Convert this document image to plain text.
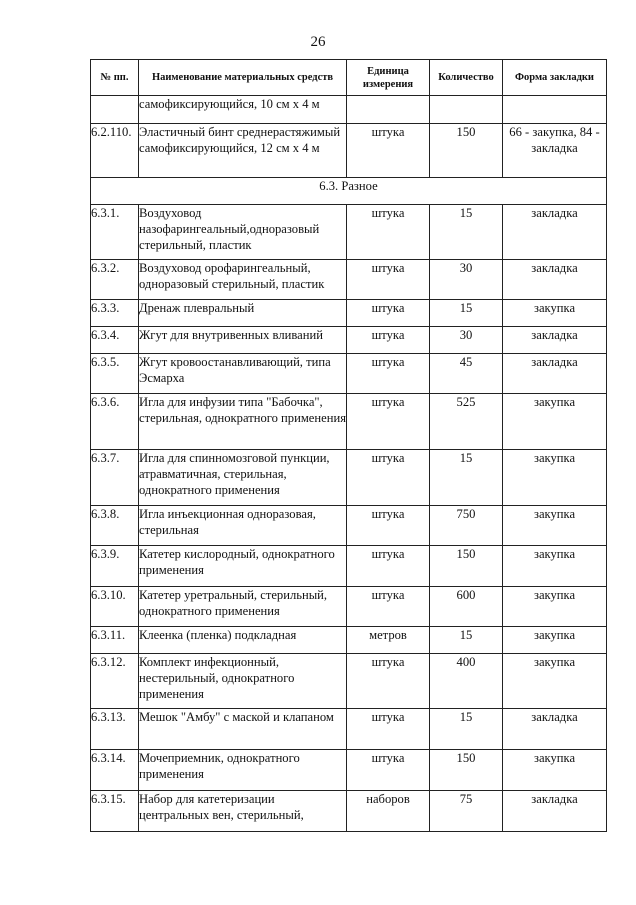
26
№ пп.	Наименование материальных средств	Единица измерения	Количество	Форма закладки
	самофиксирующийся, 10 см х 4 м			
6.2.110.	Эластичный бинт среднерастяжимый самофиксирующийся, 12 см х 4 м	штука	150	66 - закупка, 84 - закладка
6.3. Разное				
6.3.1.	Воздуховод назофарингеальный,одноразовый стерильный, пластик	штука	15	закладка
6.3.2.	Воздуховод орофарингеальный, одноразовый стерильный, пластик	штука	30	закладка
6.3.3.	Дренаж плевральный	штука	15	закупка
6.3.4.	Жгут для внутривенных вливаний	штука	30	закладка
6.3.5.	Жгут кровоостанавливающий, типа Эсмарха	штука	45	закладка
6.3.6.	Игла для инфузии типа "Бабочка", стерильная, однократного применения	штука	525	закупка
6.3.7.	Игла для спинномозговой пункции, атравматичная, стерильная, однократного применения	штука	15	закупка
6.3.8.	Игла инъекционная одноразовая, стерильная	штука	750	закупка
6.3.9.	Катетер кислородный, однократного применения	штука	150	закупка
6.3.10.	Катетер уретральный, стерильный, однократного применения	штука	600	закупка
6.3.11.	Клеенка (пленка) подкладная	метров	15	закупка
6.3.12.	Комплект инфекционный, нестерильный, однократного применения	штука	400	закупка
6.3.13.	Мешок "Амбу" с маской и клапаном	штука	15	закладка
6.3.14.	Мочеприемник, однократного применения	штука	150	закупка
6.3.15.	Набор для катетеризации центральных вен, стерильный,	наборов	75	закладка
